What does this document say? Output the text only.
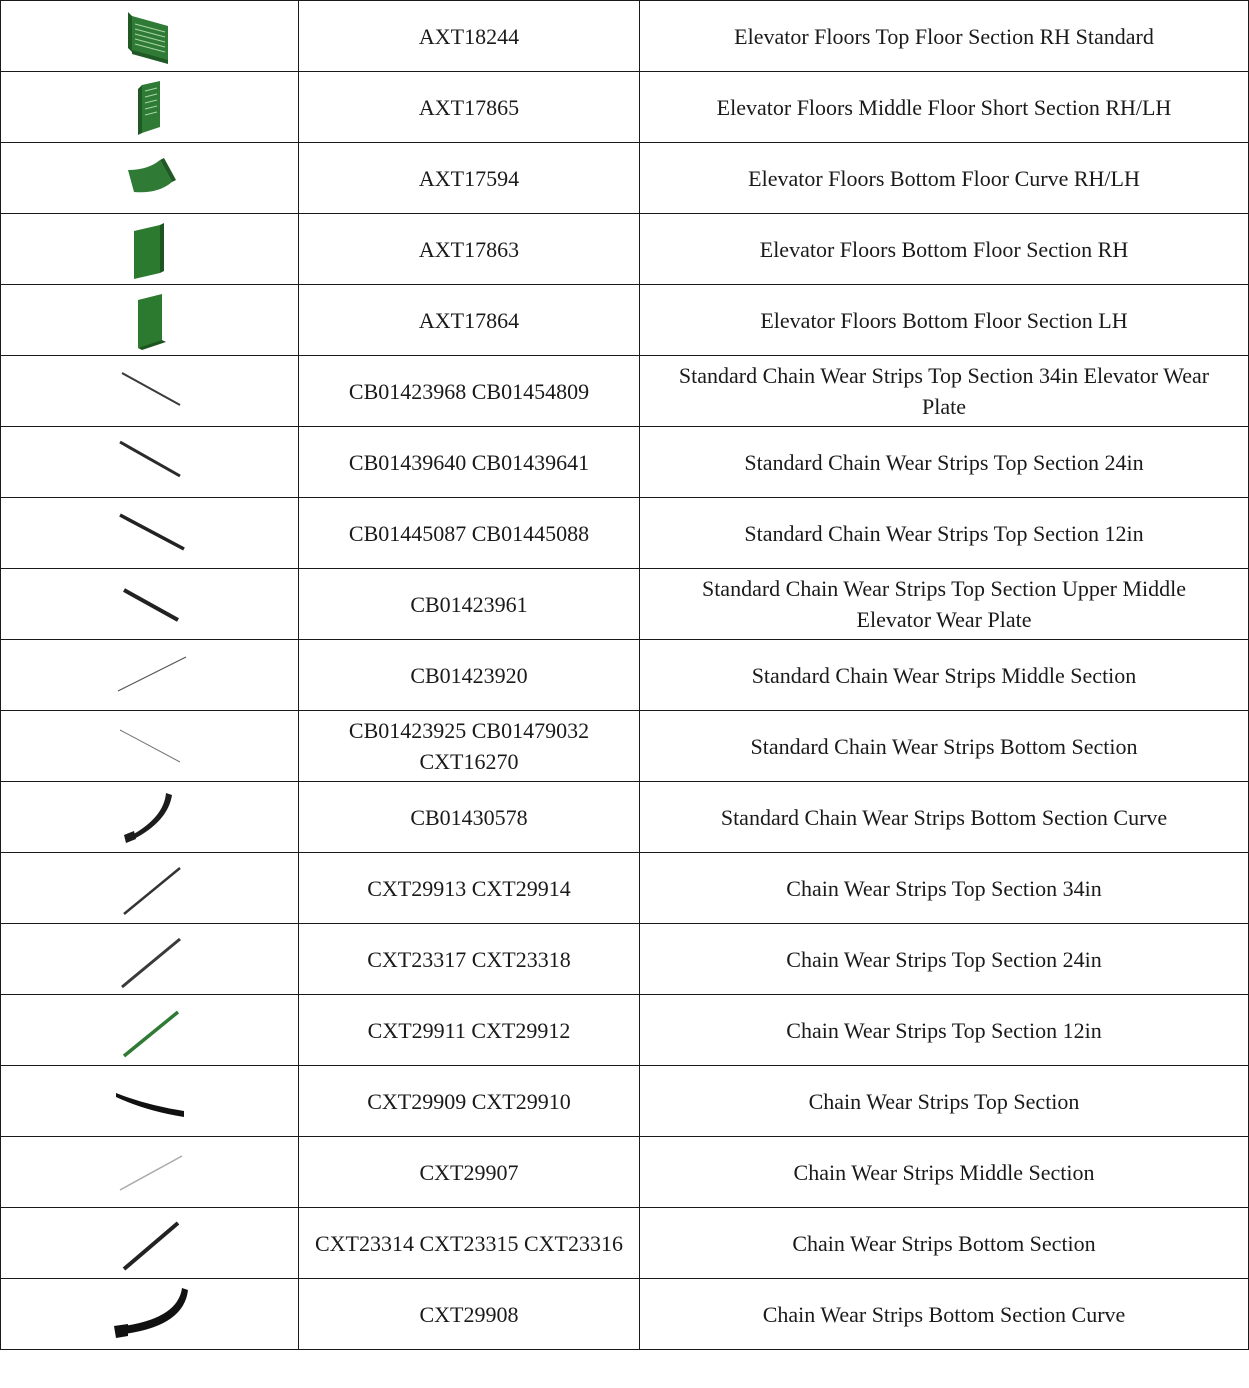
	AXT18244	Elevator Floors Top Floor Section RH Standard

	AXT17865	Elevator Floors Middle Floor Short Section RH/LH

	AXT17594	Elevator Floors Bottom Floor Curve RH/LH

	AXT17863	Elevator Floors Bottom Floor Section RH

	AXT17864	Elevator Floors Bottom Floor Section LH

	CB01423968 CB01454809	Standard Chain Wear Strips Top Section 34in Elevator Wear
Plate

	CB01439640 CB01439641	Standard Chain Wear Strips Top Section 24in

	CB01445087 CB01445088	Standard Chain Wear Strips Top Section 12in

	CB01423961	Standard Chain Wear Strips Top Section Upper Middle
Elevator Wear Plate

	CB01423920	Standard Chain Wear Strips Middle Section

	CB01423925 CB01479032
CXT16270	Standard Chain Wear Strips Bottom Section

	CB01430578	Standard Chain Wear Strips Bottom Section Curve

	CXT29913 CXT29914	Chain Wear Strips Top Section 34in

	CXT23317 CXT23318	Chain Wear Strips Top Section 24in

	CXT29911 CXT29912	Chain Wear Strips Top Section 12in

	CXT29909 CXT29910	Chain Wear Strips Top Section

	CXT29907	Chain Wear Strips Middle Section

	CXT23314 CXT23315 CXT23316	Chain Wear Strips Bottom Section

	CXT29908	Chain Wear Strips Bottom Section Curve
